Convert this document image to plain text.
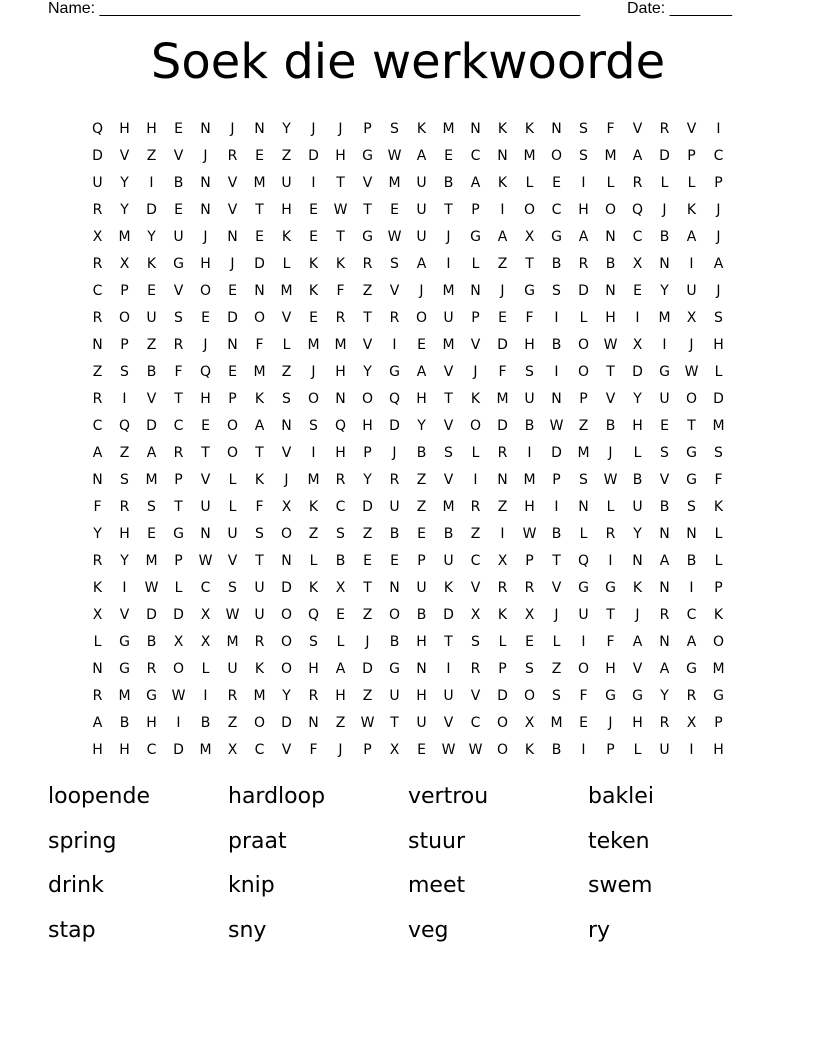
Name: ______________________________________________________	Date: _______
Soek die werkwoorde
Q	H	H	E	N	J	N	Y	J	J	P	S	K	M	N	K	K	N	S	F	V	R	V	I
D	V	Z	V	J	R	E	Z	D	H	G	W	A	E	C	N	M	O	S	M	A	D	P	C
U	Y	I	B	N	V	M	U	I	T	V	M	U	B	A	K	L	E	I	L	R	L	L	P
R	Y	D	E	N	V	T	H	E	W	T	E	U	T	P	I	O	C	H	O	Q	J	K	J
X	M	Y	U	J	N	E	K	E	T	G	W	U	J	G	A	X	G	A	N	C	B	A	J
R	X	K	G	H	J	D	L	K	K	R	S	A	I	L	Z	T	B	R	B	X	N	I	A
C	P	E	V	O	E	N	M	K	F	Z	V	J	M	N	J	G	S	D	N	E	Y	U	J
R	O	U	S	E	D	O	V	E	R	T	R	O	U	P	E	F	I	L	H	I	M	X	S
N	P	Z	R	J	N	F	L	M	M	V	I	E	M	V	D	H	B	O	W	X	I	J	H
Z	S	B	F	Q	E	M	Z	J	H	Y	G	A	V	J	F	S	I	O	T	D	G	W	L
R	I	V	T	H	P	K	S	O	N	O	Q	H	T	K	M	U	N	P	V	Y	U	O	D
C	Q	D	C	E	O	A	N	S	Q	H	D	Y	V	O	D	B	W	Z	B	H	E	T	M
A	Z	A	R	T	O	T	V	I	H	P	J	B	S	L	R	I	D	M	J	L	S	G	S
N	S	M	P	V	L	K	J	M	R	Y	R	Z	V	I	N	M	P	S	W	B	V	G	F
F	R	S	T	U	L	F	X	K	C	D	U	Z	M	R	Z	H	I	N	L	U	B	S	K
Y	H	E	G	N	U	S	O	Z	S	Z	B	E	B	Z	I	W	B	L	R	Y	N	N	L
R	Y	M	P	W	V	T	N	L	B	E	E	P	U	C	X	P	T	Q	I	N	A	B	L
K	I	W	L	C	S	U	D	K	X	T	N	U	K	V	R	R	V	G	G	K	N	I	P
X	V	D	D	X	W	U	O	Q	E	Z	O	B	D	X	K	X	J	U	T	J	R	C	K
L	G	B	X	X	M	R	O	S	L	J	B	H	T	S	L	E	L	I	F	A	N	A	O
N	G	R	O	L	U	K	O	H	A	D	G	N	I	R	P	S	Z	O	H	V	A	G	M
R	M	G	W	I	R	M	Y	R	H	Z	U	H	U	V	D	O	S	F	G	G	Y	R	G
A	B	H	I	B	Z	O	D	N	Z	W	T	U	V	C	O	X	M	E	J	H	R	X	P
H	H	C	D	M	X	C	V	F	J	P	X	E	W W	O	K	B	I	P	L	U	I	H
loopende	hardloop	vertrou	baklei
spring	praat	stuur	teken
drink	knip	meet	swem
stap	sny	veg	ry
